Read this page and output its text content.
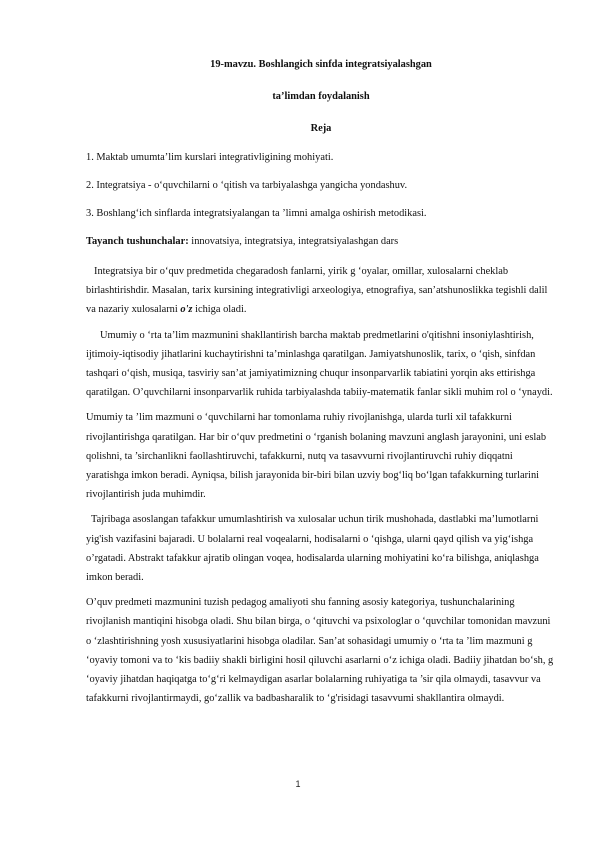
19-mavzu. Boshlangich sinfda integratsiyalashgan

ta’limdan foydalanish

Reja

1. Maktab umumta’lim kurslari integrativligining mohiyati.

2. Integratsiya - o‘quvchilarni o ‘qitish va tarbiyalashga yangicha yondashuv.

3. Boshlang‘ich sinflarda integratsiyalangan ta ’limni amalga oshirish metodikasi.

Tayanch tushunchalar: innovatsiya, integratsiya, integratsiyalashgan dars

Integratsiya bir o‘quv predmetida chegaradosh fanlarni, yirik g ‘oyalar, omillar, xulosalarni cheklab birlashtirishdir. Masalan, tarix kursining integrativligi arxeologiya, etnografiya, san’atshunoslikka tegishli dalil va nazariy xulosalarni o'z ichiga oladi.

Umumiy o ‘rta ta’lim mazmunini shakllantirish barcha maktab predmetlarini o'qitishni insoniylashtirish, ijtimoiy-iqtisodiy jihatlarini kuchaytirishni ta’minlashga qaratilgan. Jamiyatshunoslik, tarix, o ‘qish, sinfdan tashqari o‘qish, musiqa, tasviriy san’at jamiyatimizning chuqur insonparvarlik tabiatini yorqin aks ettirishga qaratilgan. O’quvchilarni insonparvarlik ruhida tarbiyalashda tabiiy-matematik fanlar sikli muhim rol o ‘ynaydi.

Umumiy ta ’lim mazmuni o ‘quvchilarni har tomonlama ruhiy rivojlanishga, ularda turli xil tafakkurni rivojlantirishga qaratilgan. Har bir o‘quv predmetini o ‘rganish bolaning mavzuni anglash jarayonini, uni eslab qolishni, ta ’sirchanlikni faollashtiruvchi, tafakkurni, nutq va tasavvurni rivojlantiruvchi ruhiy diqqatni yaratishga imkon beradi. Ayniqsa, bilish jarayonida bir-biri bilan uzviy bog‘liq bo‘lgan tafakkurning turlarini rivojlantirish juda muhimdir.

Tajribaga asoslangan tafakkur umumlashtirish va xulosalar uchun tirik mushohada, dastlabki ma’lumotlarni yig'ish vazifasini bajaradi. U bolalarni real voqealarni, hodisalarni o ‘qishga, ularni qayd qilish va yig‘ishga o’rgatadi. Abstrakt tafakkur ajratib olingan voqea, hodisalarda ularning mohiyatini ko‘ra bilishga, aniqlashga imkon beradi.

O’quv predmeti mazmunini tuzish pedagog amaliyoti shu fanning asosiy kategoriya, tushunchalarining rivojlanish mantiqini hisobga oladi. Shu bilan birga, o ‘qituvchi va psixologlar o ‘quvchilar tomonidan mavzuni o ‘zlashtirishning yosh xususiyatlarini hisobga oladilar. San’at sohasidagi umumiy o ‘rta ta ’lim mazmuni g ‘oyaviy tomoni va to ‘kis badiiy shakli birligini hosil qiluvchi asarlarni o‘z ichiga oladi. Badiiy jihatdan bo‘sh, g ‘oyaviy jihatdan haqiqatga to‘g‘ri kelmaydigan asarlar bolalarning ruhiyatiga ta ’sir qila olmaydi, tasavvur va tafakkurni rivojlantirmaydi, go‘zallik va badbasharalik to ‘g'risidagi tasavvumi shakllantira olmaydi.

1
